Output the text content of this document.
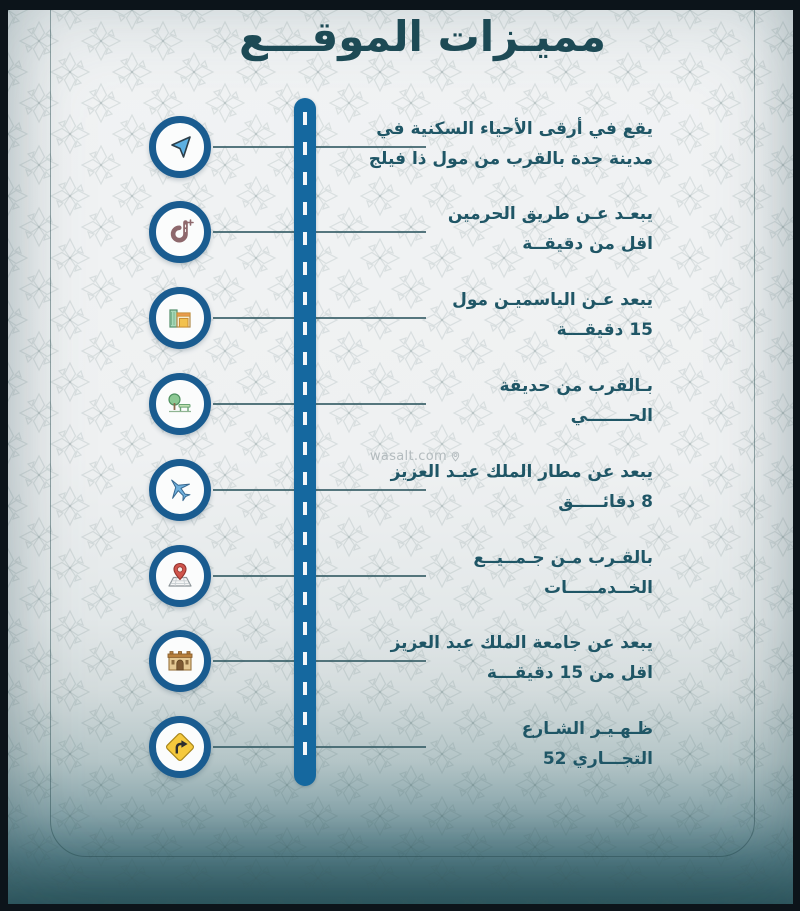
مميـزات الموقـــع
يقع في أرقى الأحياء السكنية في
مدينة جدة بالقرب من مول ذا فيلج
يبعـد عـن طريق الحرمين
اقل من دقيقــة
يبعد عـن الياسميـن مول
15 دقيقـــة
بـالقرب من حديقة
الحـــــــي
يبعد عن مطار الملك عبـد العزيز
8 دقائـــــق
بالقـرب مـن جـمــيــع
الخــدمـــــات
يبعد عن جامعة الملك عبد العزيز
اقل من 15 دقيقـــة
ظـهـيـر الشـارع
التجـــاري 52
wasalt.com
